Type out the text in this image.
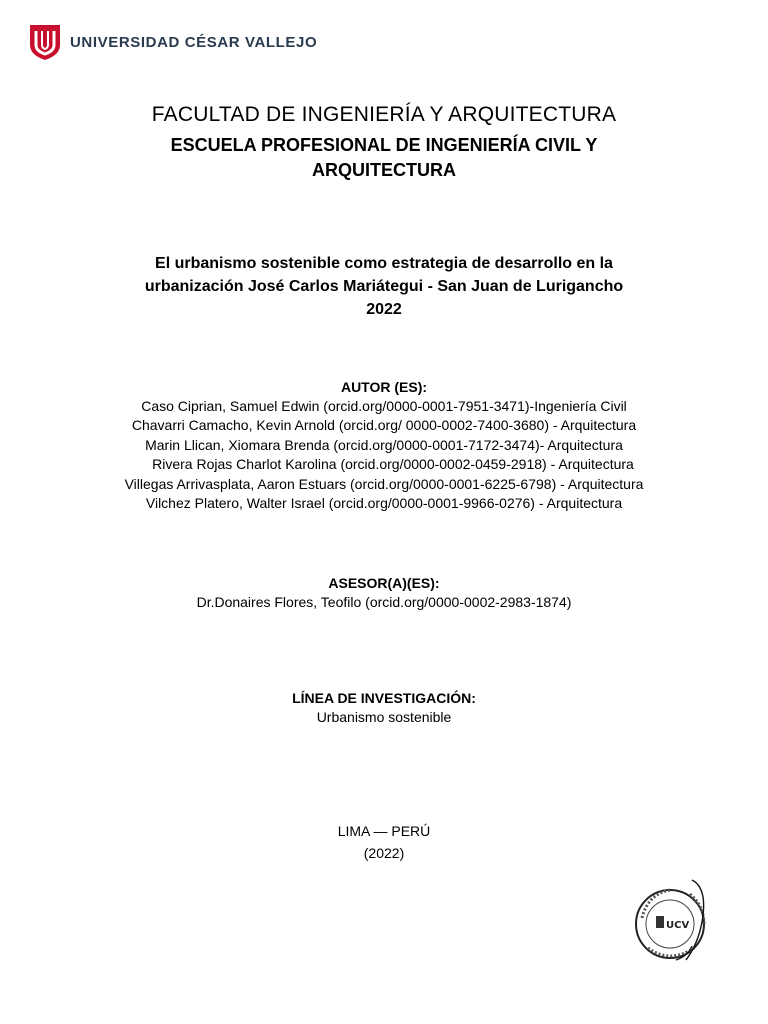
UNIVERSIDAD CÉSAR VALLEJO
FACULTAD DE INGENIERÍA Y ARQUITECTURA
ESCUELA PROFESIONAL DE INGENIERÍA CIVIL Y
ARQUITECTURA
El urbanismo sostenible como estrategia de desarrollo en la
urbanización José Carlos Mariátegui - San Juan de Lurigancho
2022
AUTOR (ES):
Caso Ciprian, Samuel Edwin (orcid.org/0000-0001-7951-3471)-Ingeniería Civil
Chavarri Camacho, Kevin Arnold (orcid.org/ 0000-0002-7400-3680) - Arquitectura
Marin Llican, Xiomara Brenda (orcid.org/0000-0001-7172-3474)- Arquitectura
Rivera Rojas Charlot Karolina (orcid.org/0000-0002-0459-2918) - Arquitectura
Villegas Arrivasplata, Aaron Estuars (orcid.org/0000-0001-6225-6798) - Arquitectura
Vilchez Platero, Walter Israel (orcid.org/0000-0001-9966-0276) - Arquitectura
ASESOR(A)(ES):
Dr.Donaires Flores, Teofilo (orcid.org/0000-0002-2983-1874)
LÍNEA DE INVESTIGACIÓN:
Urbanismo sostenible
LIMA — PERÚ
(2022)
UCV
